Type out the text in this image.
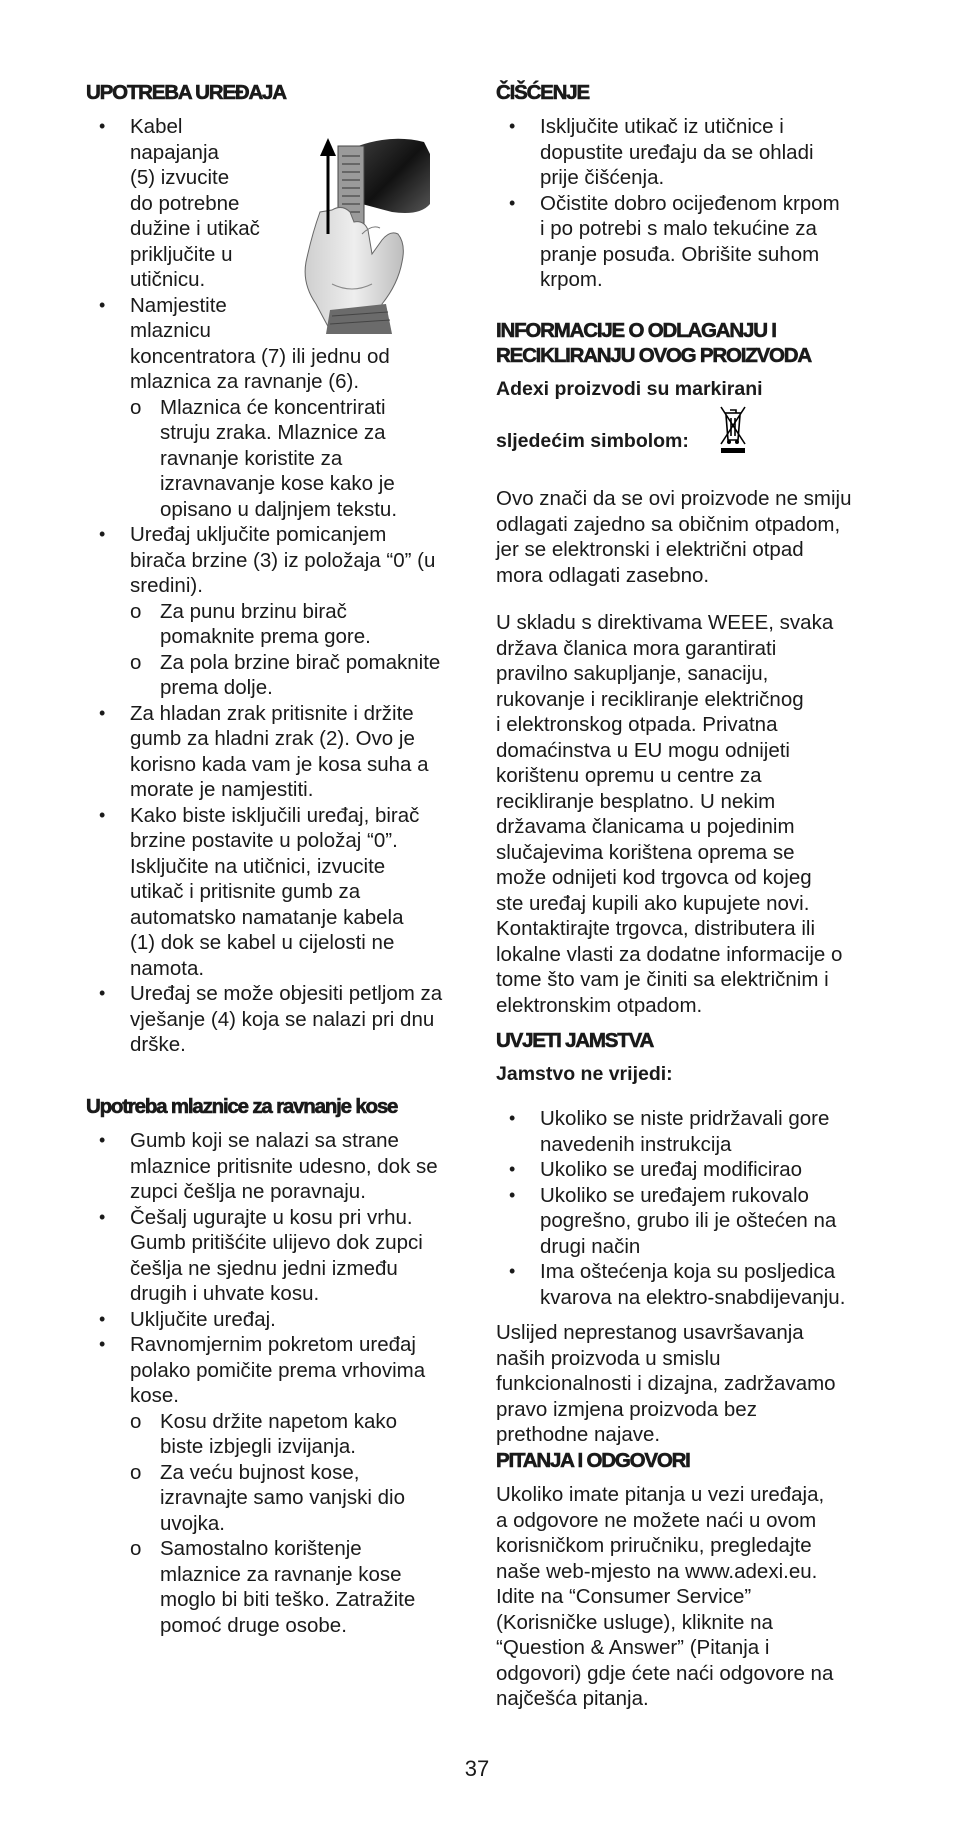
UPOTREBA UREĐAJA

• Kabel
napajanja
(5) izvucite
do potrebne
dužine i utikač
priključite u
utičnicu.
• Namjestite
mlaznicu
koncentratora (7) ili jednu od
mlaznica za ravnanje (6).
o Mlaznica će koncentrirati
struju zraka. Mlaznice za
ravnanje koristite za
izravnavanje kose kako je
opisano u daljnjem tekstu.
• Uređaj uključite pomicanjem
birača brzine (3) iz položaja “0” (u
sredini).
o Za punu brzinu birač
pomaknite prema gore.
o Za pola brzine birač pomaknite
prema dolje.
• Za hladan zrak pritisnite i držite
gumb za hladni zrak (2). Ovo je
korisno kada vam je kosa suha a
morate je namjestiti.
• Kako biste isključili uređaj, birač
brzine postavite u položaj “0”.
Isključite na utičnici, izvucite
utikač i pritisnite gumb za
automatsko namatanje kabela
(1) dok se kabel u cijelosti ne
namota.
• Uređaj se može objesiti petljom za
vješanje (4) koja se nalazi pri dnu
drške.

Upotreba mlaznice za ravnanje kose

• Gumb koji se nalazi sa strane
mlaznice pritisnite udesno, dok se
zupci češlja ne poravnaju.
• Češalj ugurajte u kosu pri vrhu.
Gumb pritišćite ulijevo dok zupci
češlja ne sjednu jedni između
drugih i uhvate kosu.
• Uključite uređaj.
• Ravnomjernim pokretom uređaj
polako pomičite prema vrhovima
kose.
o Kosu držite napetom kako
biste izbjegli izvijanja.
o Za veću bujnost kose,
izravnajte samo vanjski dio
uvojka.
o Samostalno korištenje
mlaznice za ravnanje kose
moglo bi biti teško. Zatražite
pomoć druge osobe.

ČIŠĆENJE

• Isključite utikač iz utičnice i
dopustite uređaju da se ohladi
prije čišćenja.
• Očistite dobro ocijeđenom krpom
i po potrebi s malo tekućine za
pranje posuđa. Obrišite suhom
krpom.

INFORMACIJE O ODLAGANJU I

RECIKLIRANJU OVOG PROIZVODA

Adexi proizvodi su markirani

sljedećim simbolom:

Ovo znači da se ovi proizvode ne smiju
odlagati zajedno sa običnim otpadom,
jer se elektronski i električni otpad
mora odlagati zasebno.
U skladu s direktivama WEEE, svaka
država članica mora garantirati
pravilno sakupljanje, sanaciju,
rukovanje i recikliranje električnog
i elektronskog otpada. Privatna
domaćinstva u EU mogu odnijeti
korištenu opremu u centre za
recikliranje besplatno. U nekim
državama članicama u pojedinim
slučajevima korištena oprema se
može odnijeti kod trgovca od kojeg
ste uređaj kupili ako kupujete novi.
Kontaktirajte trgovca, distributera ili
lokalne vlasti za dodatne informacije o
tome što vam je činiti sa električnim i
elektronskim otpadom.

UVJETI JAMSTVA

Jamstvo ne vrijedi:

• Ukoliko se niste pridržavali gore
navedenih instrukcija
• Ukoliko se uređaj modificirao
• Ukoliko se uređajem rukovalo
pogrešno, grubo ili je oštećen na
drugi način
• Ima oštećenja koja su posljedica
kvarova na elektro-snabdijevanju.
Uslijed neprestanog usavršavanja
naših proizvoda u smislu
funkcionalnosti i dizajna, zadržavamo
pravo izmjena proizvoda bez
prethodne najave.

PITANJA I ODGOVORI

Ukoliko imate pitanja u vezi uređaja,
a odgovore ne možete naći u ovom
korisničkom priručniku, pregledajte
naše web-mjesto na www.adexi.eu.
Idite na “Consumer Service”
(Korisničke usluge), kliknite na
“Question & Answer” (Pitanja i
odgovori) gdje ćete naći odgovore na
najčešća pitanja.
37
